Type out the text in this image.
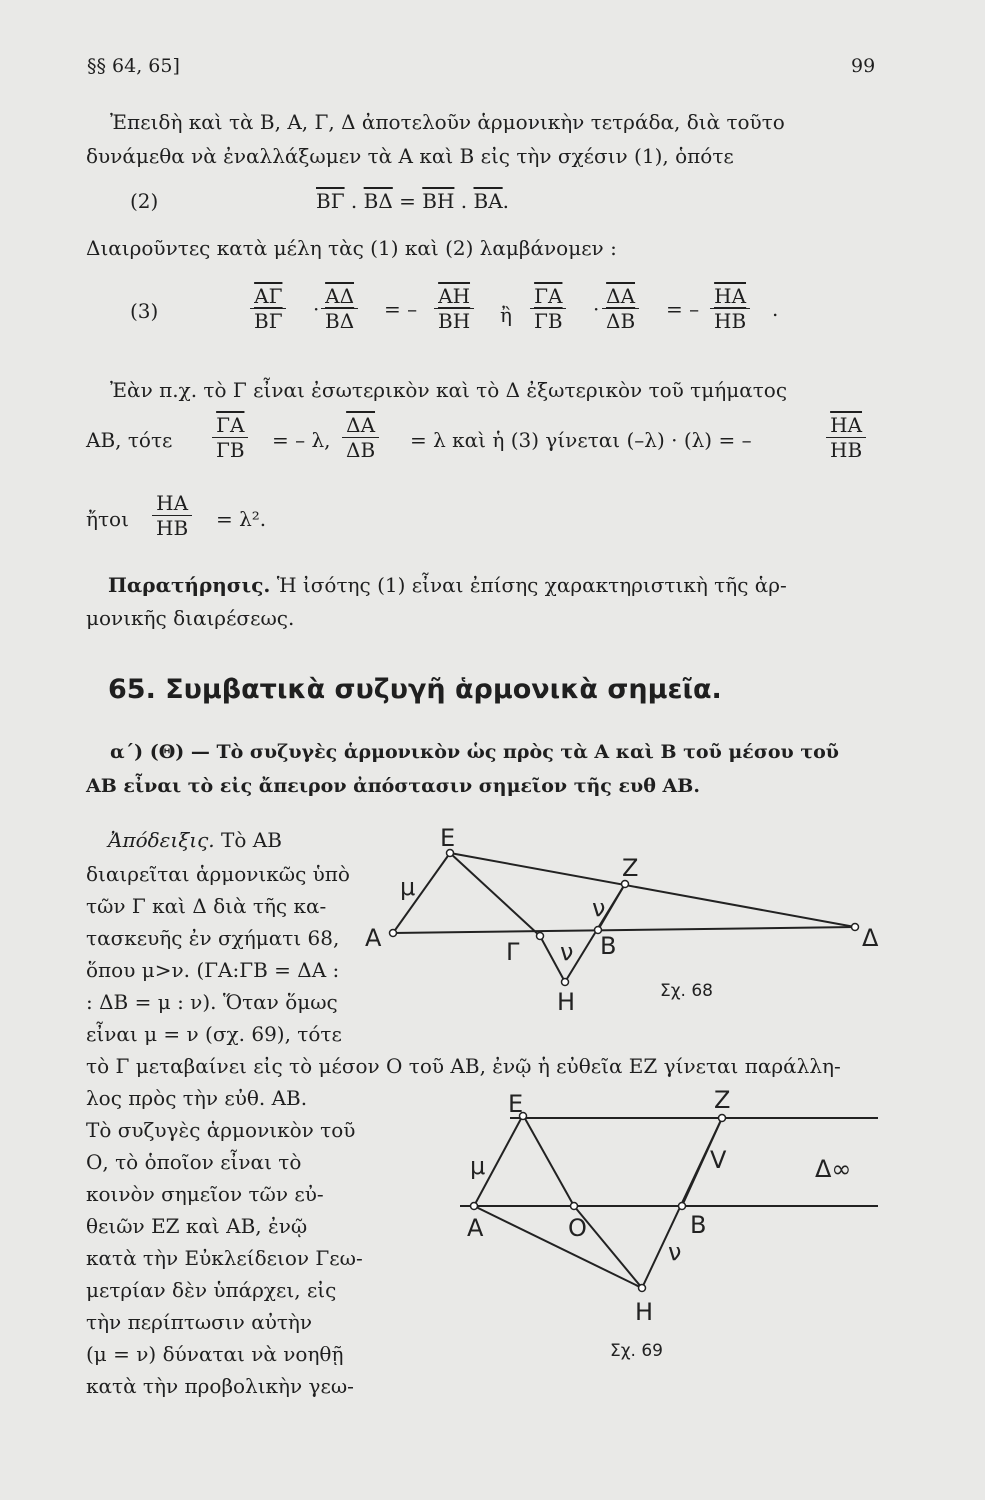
§§ 64, 65]	99
Ἐπειδὴ καὶ τὰ Β, Α, Γ, Δ ἀποτελοῦν ἁρμονικὴν τετράδα, διὰ τοῦτο
δυνάμεθα νὰ ἐναλλάξωμεν τὰ Α καὶ Β εἰς τὴν σχέσιν (1), ὁπότε
(2)	$\overline{B\Gamma}$ . $\overline{B\Delta} = \overline{BH}$ . $\overline{BA}$.
Διαιροῦντες κατὰ μέλη τὰς (1) καὶ (2) λαμβάνομεν :
(3)	$\frac{\overline{A\Gamma}}{B\Gamma} \cdot \frac{\overline{A\Delta}}{B\Delta}$ = – $\frac{\overline{AH}}{BH}$ ἢ $\frac{\overline{\Gamma A}}{\Gamma B} \cdot \frac{\overline{\Delta A}}{\Delta B}$ = – $\frac{\overline{HA}}{HB}$ .
Ἐὰν π.χ. τὸ Γ εἶναι ἐσωτερικὸν καὶ τὸ Δ ἐξωτερικὸν τοῦ τμήματος
ΑΒ, τότε $\frac{\overline{\Gamma A}}{\Gamma B}$ = – λ, $\frac{\overline{\Delta A}}{\Delta B} = \lambda$ καὶ ἡ (3) γίνεται (–λ) · (λ) = –	$\frac{\overline{HA}}{HB}$
ἤτοι $\frac{HA}{HB} = \lambda^2$.
Παρατήρησις. Ἡ ἰσότης (1) εἶναι ἐπίσης χαρακτηριστικὴ τῆς ἁρ-
μονικῆς διαιρέσεως.
65. Συμβατικὰ συζυγῆ ἁρμονικὰ σημεῖα.
α΄) (Θ) — Τὸ συζυγὲς ἁρμονικὸν ὡς πρὸς τὰ Α καὶ Β τοῦ μέσου τοῦ
ΑΒ εἶναι τὸ εἰς ἄπειρον ἀπόστασιν σημεῖον τῆς ευθ ΑΒ.
Ἀπόδειξις. Τὸ ΑΒ
διαιρεῖται ἁρμονικῶς ὑπὸ
τῶν Γ καὶ Δ διὰ τῆς κα-
τασκευῆς ἐν σχήματι 68,
ὅπου μ>ν. (ΓΑ:ΓΒ = ΔΑ :
: ΔΒ = μ : ν). Ὅταν ὅμως
εἶναι μ = ν (σχ. 69), τότε
τὸ Γ μεταβαίνει εἰς τὸ μέσον Ο τοῦ ΑΒ, ἐνῷ ἡ εὐθεῖα ΕΖ γίνεται παράλλη-
λος πρὸς τὴν εὐθ. ΑΒ.
Τὸ συζυγὲς ἁρμονικὸν τοῦ
Ο, τὸ ὁποῖον εἶναι τὸ
κοινὸν σημεῖον τῶν εὐ-
θειῶν ΕΖ καὶ ΑΒ, ἐνῷ
κατὰ τὴν Εὐκλείδειον Γεω-
μετρίαν δὲν ὑπάρχει, εἰς
τὴν περίπτωσιν αὐτὴν
(μ = ν) δύναται νὰ νοηθῇ
κατὰ τὴν προβολικὴν γεω-
E
Z
μ
ν
A	Γ ν B	Δ
H	Σχ. 68
E	Z
μ	V	Δ∞
A	O	B
ν
H
Σχ. 69
